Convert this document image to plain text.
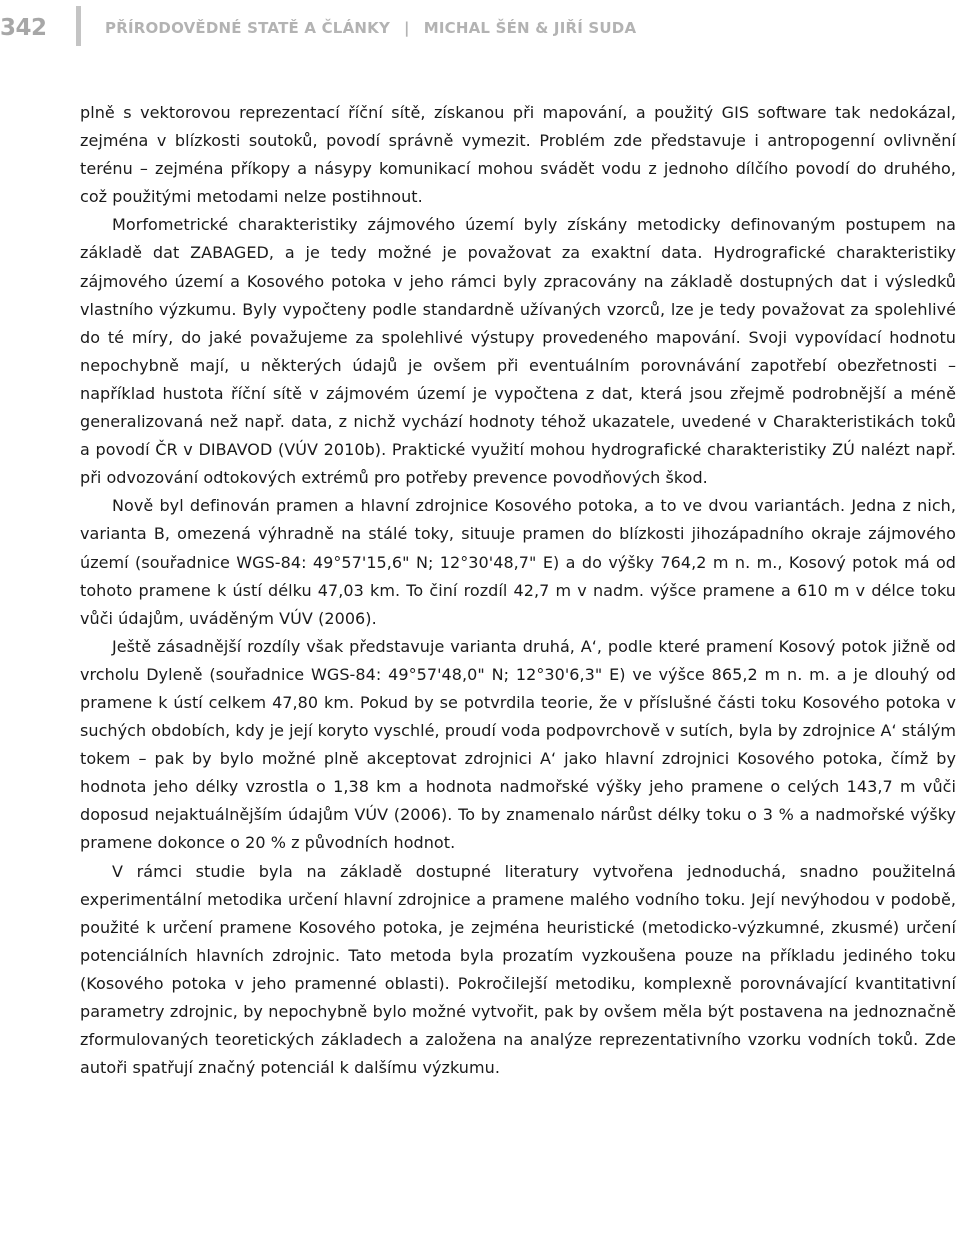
342	PŘÍRODOVĚDNÉ STATĚ A ČLÁNKY | MICHAL ŠÉN & JIŘÍ SUDA

plně s vektorovou reprezentací říční sítě, získanou při mapování, a použitý GIS software tak nedokázal, zejména v blízkosti soutoků, povodí správně vymezit. Problém zde představuje i antropogenní ovlivnění terénu – zejména příkopy a násypy komunikací mohou svádět vodu z jednoho dílčího povodí do druhého, což použitými metodami nelze postihnout.

Morfometrické charakteristiky zájmového území byly získány metodicky definovaným postupem na základě dat ZABAGED, a je tedy možné je považovat za exaktní data. Hydrografické charakteristiky zájmového území a Kosového potoka v jeho rámci byly zpracovány na základě dostupných dat i výsledků vlastního výzkumu. Byly vypočteny podle standardně užívaných vzorců, lze je tedy považovat za spolehlivé do té míry, do jaké považujeme za spolehlivé výstupy provedeného mapování. Svoji vypovídací hodnotu nepochybně mají, u některých údajů je ovšem při eventuálním porovnávání zapotřebí obezřetnosti – například hustota říční sítě v zájmovém území je vypočtena z dat, která jsou zřejmě podrobnější a méně generalizovaná než např. data, z nichž vychází hodnoty téhož ukazatele, uvedené v Charakteristikách toků a povodí ČR v DIBAVOD (VÚV 2010b). Praktické využití mohou hydrografické charakteristiky ZÚ nalézt např. při odvozování odtokových extrémů pro potřeby prevence povodňových škod.

Nově byl definován pramen a hlavní zdrojnice Kosového potoka, a to ve dvou variantách. Jedna z nich, varianta B, omezená výhradně na stálé toky, situuje pramen do blízkosti jihozápadního okraje zájmového území (souřadnice WGS-84: 49°57'15,6" N; 12°30'48,7" E) a do výšky 764,2 m n. m., Kosový potok má od tohoto pramene k ústí délku 47,03 km. To činí rozdíl 42,7 m v nadm. výšce pramene a 610 m v délce toku vůči údajům, uváděným VÚV (2006).

Ještě zásadnější rozdíly však představuje varianta druhá, A‘, podle které pramení Kosový potok jižně od vrcholu Dyleně (souřadnice WGS-84: 49°57'48,0" N; 12°30'6,3" E) ve výšce 865,2 m n. m. a je dlouhý od pramene k ústí celkem 47,80 km. Pokud by se potvrdila teorie, že v příslušné části toku Kosového potoka v suchých obdobích, kdy je její koryto vyschlé, proudí voda podpovrchově v sutích, byla by zdrojnice A‘ stálým tokem – pak by bylo možné plně akceptovat zdrojnici A‘ jako hlavní zdrojnici Kosového potoka, čímž by hodnota jeho délky vzrostla o 1,38 km a hodnota nadmořské výšky jeho pramene o celých 143,7 m vůči doposud nejaktuálnějším údajům VÚV (2006). To by znamenalo nárůst délky toku o 3 % a nadmořské výšky pramene dokonce o 20 % z původních hodnot.

V rámci studie byla na základě dostupné literatury vytvořena jednoduchá, snadno použitelná experimentální metodika určení hlavní zdrojnice a pramene malého vodního toku. Její nevýhodou v podobě, použité k určení pramene Kosového potoka, je zejména heuristické (metodicko-výzkumné, zkusmé) určení potenciálních hlavních zdrojnic. Tato metoda byla prozatím vyzkoušena pouze na příkladu jediného toku (Kosového potoka v jeho pramenné oblasti). Pokročilejší metodiku, komplexně porovnávající kvantitativní parametry zdrojnic, by nepochybně bylo možné vytvořit, pak by ovšem měla být postavena na jednoznačně zformulovaných teoretických základech a založena na analýze reprezentativního vzorku vodních toků. Zde autoři spatřují značný potenciál k dalšímu výzkumu.
